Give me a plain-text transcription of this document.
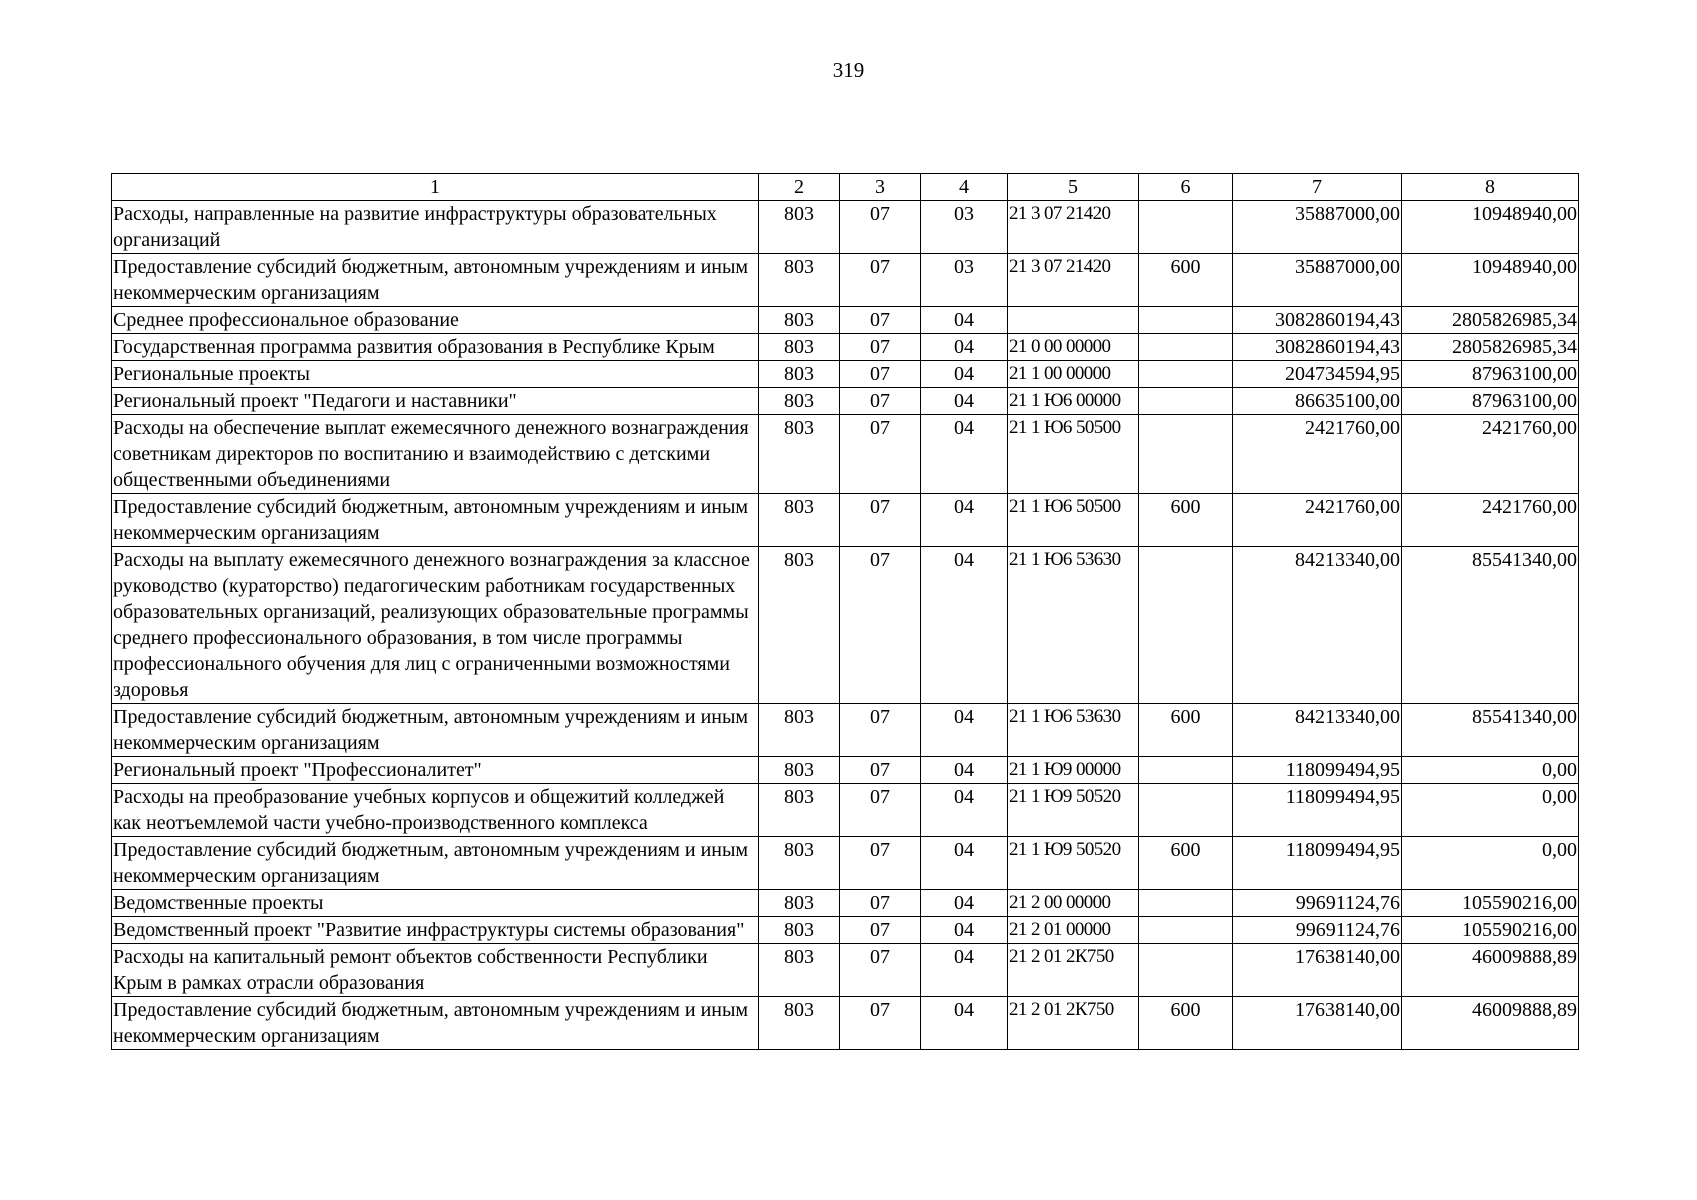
319
1	2	3	4	5	6	7	8
Расходы, направленные на развитие инфраструктуры образовательных организаций	803	07	03	21 3 07 21420		35887000,00	10948940,00
Предоставление субсидий бюджетным, автономным учреждениям и иным некоммерческим организациям	803	07	03	21 3 07 21420	600	35887000,00	10948940,00
Среднее профессиональное образование	803	07	04			3082860194,43	2805826985,34
Государственная программа развития образования в Республике Крым	803	07	04	21 0 00 00000		3082860194,43	2805826985,34
Региональные проекты	803	07	04	21 1 00 00000		204734594,95	87963100,00
Региональный проект "Педагоги и наставники"	803	07	04	21 1 Ю6 00000		86635100,00	87963100,00
Расходы на обеспечение выплат ежемесячного денежного вознаграждения советникам директоров по воспитанию и взаимодействию с детскими общественными объединениями	803	07	04	21 1 Ю6 50500		2421760,00	2421760,00
Предоставление субсидий бюджетным, автономным учреждениям и иным некоммерческим организациям	803	07	04	21 1 Ю6 50500	600	2421760,00	2421760,00
Расходы на выплату ежемесячного денежного вознаграждения за классное руководство (кураторство) педагогическим работникам государственных образовательных организаций, реализующих образовательные программы среднего профессионального образования, в том числе программы профессионального обучения для лиц с ограниченными возможностями здоровья	803	07	04	21 1 Ю6 53630		84213340,00	85541340,00
Предоставление субсидий бюджетным, автономным учреждениям и иным некоммерческим организациям	803	07	04	21 1 Ю6 53630	600	84213340,00	85541340,00
Региональный проект "Профессионалитет"	803	07	04	21 1 Ю9 00000		118099494,95	0,00
Расходы на преобразование учебных корпусов и общежитий колледжей как неотъемлемой части учебно-производственного комплекса	803	07	04	21 1 Ю9 50520		118099494,95	0,00
Предоставление субсидий бюджетным, автономным учреждениям и иным некоммерческим организациям	803	07	04	21 1 Ю9 50520	600	118099494,95	0,00
Ведомственные проекты	803	07	04	21 2 00 00000		99691124,76	105590216,00
Ведомственный проект "Развитие инфраструктуры системы образования"	803	07	04	21 2 01 00000		99691124,76	105590216,00
Расходы на капитальный ремонт объектов собственности Республики Крым в рамках отрасли образования	803	07	04	21 2 01 2К750		17638140,00	46009888,89
Предоставление субсидий бюджетным, автономным учреждениям и иным некоммерческим организациям	803	07	04	21 2 01 2К750	600	17638140,00	46009888,89
